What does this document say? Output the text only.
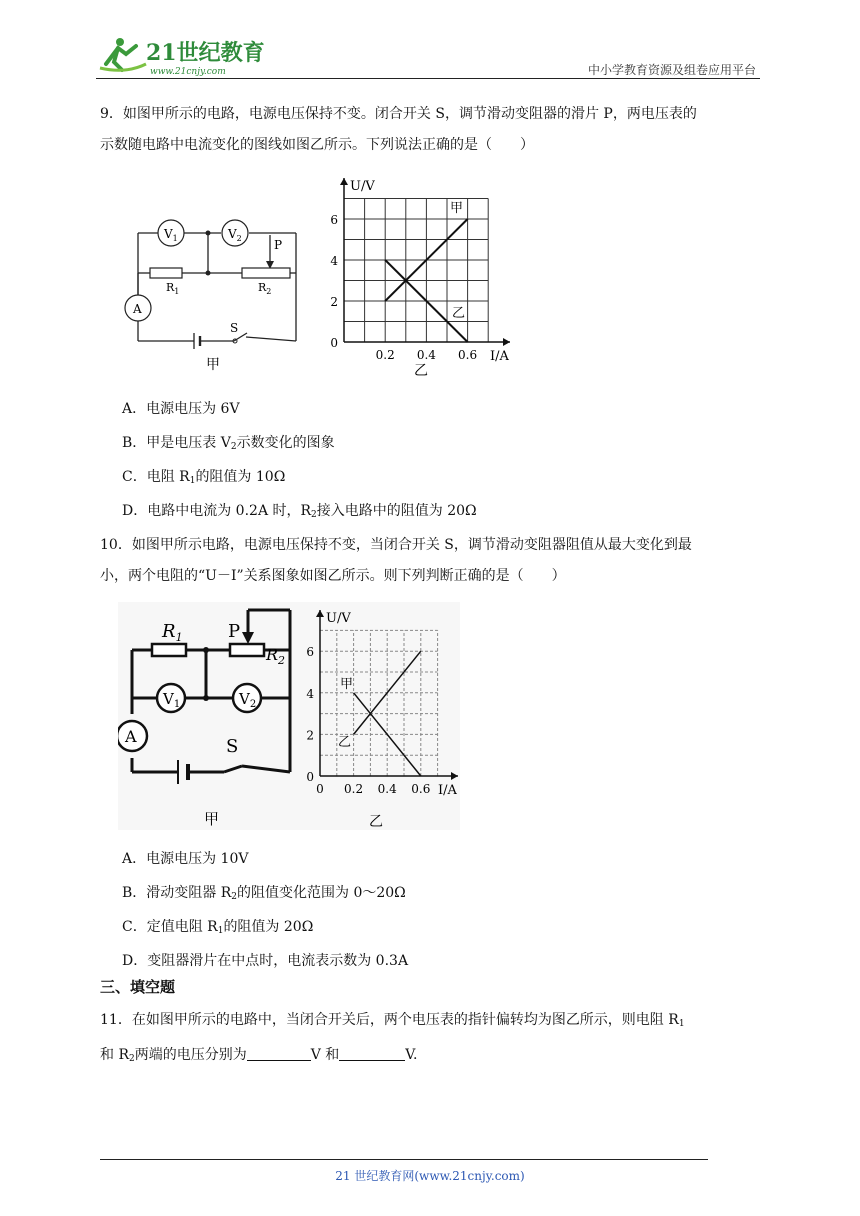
21世纪教育
www.21cnjy.com	中小学教育资源及组卷应用平台
9．如图甲所示的电路，电源电压保持不变。闭合开关 S，调节滑动变阻器的滑片 P，两电压表的
示数随电路中电流变化的图线如图乙所示。下列说法正确的是（　　）
$V_1$	$V_2$
A
$R_1$	$R_2$
P
S
甲
0
2
4
6
0.2 0.4 0.6
U/V
I/A
甲
乙
乙
A．电源电压为 6V
B．甲是电压表 $V_2$示数变化的图象
C．电阻 $R_1$的阻值为 10Ω
D．电路中电流为 0.2A 时，$R_2$接入电路中的阻值为 20Ω
10．如图甲所示电路，电源电压保持不变，当闭合开关 S，调节滑动变阻器阻值从最大变化到最
小，两个电阻的“U－I”关系图象如图乙所示。则下列判断正确的是（　　）
$R_1$	P
$R_2$
$V_1$	$V_2$
A	S
甲
0
2
4
6
0.2 0.4 0.6
0
U/V
I/A
甲
乙
乙
A．电源电压为 10V
B．滑动变阻器 $R_2$的阻值变化范围为 0～20Ω
C．定值电阻 $R_1$的阻值为 20Ω
D．变阻器滑片在中点时，电流表示数为 0.3A
三、填空题
11．在如图甲所示的电路中，当闭合开关后，两个电压表的指针偏转均为图乙所示，则电阻 $R_1$
和 $R_2$两端的电压分别为	V 和	V.
21 世纪教育网(www.21cnjy.com)
